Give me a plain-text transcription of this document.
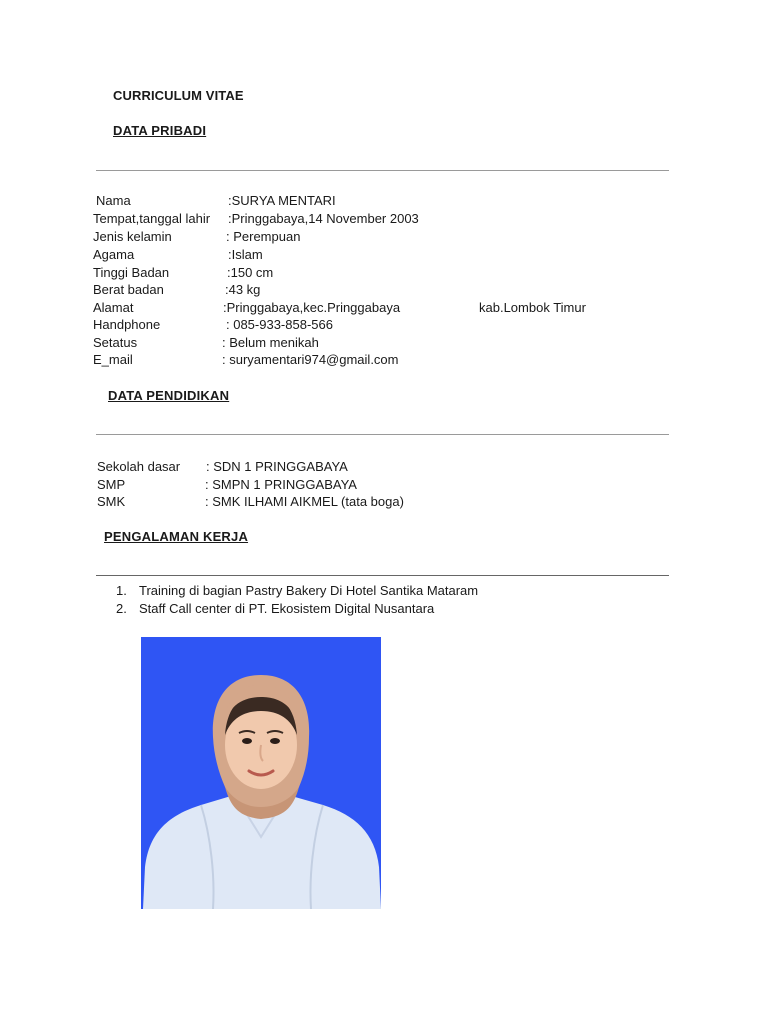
CURRICULUM VITAE
DATA PRIBADI
Nama	:SURYA MENTARI
Tempat,tanggal lahir :Pringgabaya,14 November 2003
Jenis kelamin	: Perempuan
Agama	:Islam
Tinggi Badan	:150 cm
Berat badan	:43 kg
Alamat	:Pringgabaya,kec.Pringgabaya	kab.Lombok Timur
Handphone	: 085-933-858-566
Setatus	: Belum menikah
E_mail	: suryamentari974@gmail.com
DATA PENDIDIKAN
Sekolah dasar : SDN 1 PRINGGABAYA
SMP	: SMPN 1 PRINGGABAYA
SMK	: SMK ILHAMI AIKMEL (tata boga)
PENGALAMAN KERJA
1. Training di bagian Pastry Bakery Di Hotel Santika Mataram
2. Staff Call center di PT. Ekosistem Digital Nusantara
